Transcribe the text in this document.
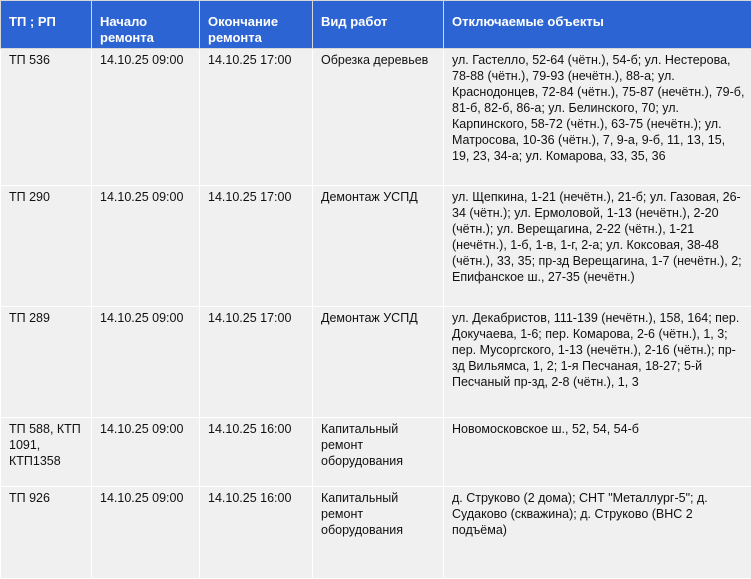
ТП ; РП	Начало ремонта	Окончание ремонта	Вид работ	Отключаемые объекты
ТП 536	14.10.25 09:00	14.10.25 17:00	Обрезка деревьев	ул. Гастелло, 52-64 (чётн.), 54-б; ул. Нестерова, 78-88 (чётн.), 79-93 (нечётн.), 88-а; ул. Краснодонцев, 72-84 (чётн.), 75-87 (нечётн.), 79-б, 81-б, 82-б, 86-а; ул. Белинского, 70; ул. Карпинского, 58-72 (чётн.), 63-75 (нечётн.); ул. Матросова, 10-36 (чётн.), 7, 9-а, 9-б, 11, 13, 15, 19, 23, 34-а; ул. Комарова, 33, 35, 36
ТП 290	14.10.25 09:00	14.10.25 17:00	Демонтаж УСПД	ул. Щепкина, 1-21 (нечётн.), 21-б; ул. Газовая, 26-34 (чётн.); ул. Ермоловой, 1-13 (нечётн.), 2-20 (чётн.); ул. Верещагина, 2-22 (чётн.), 1-21 (нечётн.), 1-б, 1-в, 1-г, 2-а; ул. Коксовая, 38-48 (чётн.), 33, 35; пр-зд Верещагина, 1-7 (нечётн.), 2; Епифанское ш., 27-35 (нечётн.)
ТП 289	14.10.25 09:00	14.10.25 17:00	Демонтаж УСПД	ул. Декабристов, 111-139 (нечётн.), 158, 164; пер. Докучаева, 1-6; пер. Комарова, 2-6 (чётн.), 1, 3; пер. Мусоргского, 1-13 (нечётн.), 2-16 (чётн.); пр-зд Вильямса, 1, 2; 1-я Песчаная, 18-27; 5-й Песчаный пр-зд, 2-8 (чётн.), 1, 3
ТП 588, КТП 1091, КТП1358	14.10.25 09:00	14.10.25 16:00	Капитальный ремонт оборудования	Новомосковское ш., 52, 54, 54-б
ТП 926	14.10.25 09:00	14.10.25 16:00	Капитальный ремонт оборудования	д. Струково (2 дома); СНТ "Металлург-5"; д. Судаково (скважина); д. Струково (ВНС 2 подъёма)
